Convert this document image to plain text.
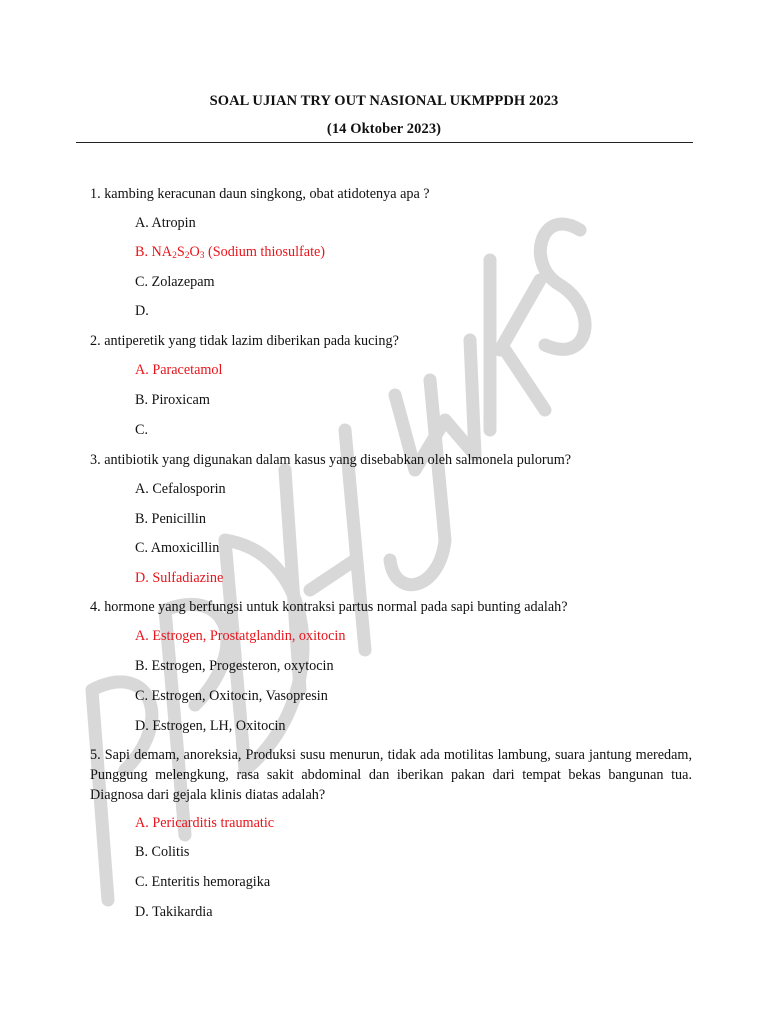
SOAL UJIAN TRY OUT NASIONAL UKMPPDH 2023
(14 Oktober 2023)
1. kambing keracunan daun singkong, obat atidotenya apa ?
A. Atropin
B. $NA_2S_2O_3$ (Sodium thiosulfate)
C. Zolazepam
D.
2. antiperetik yang tidak lazim diberikan pada kucing?
A. Paracetamol
B. Piroxicam
C.
3. antibiotik yang digunakan dalam kasus yang disebabkan oleh salmonela pulorum?
A. Cefalosporin
B. Penicillin
C. Amoxicillin
D. Sulfadiazine
4. hormone yang berfungsi untuk kontraksi partus normal pada sapi bunting adalah?
A. Estrogen, Prostatglandin, oxitocin
B. Estrogen, Progesteron, oxytocin
C. Estrogen, Oxitocin, Vasopresin
D. Estrogen, LH, Oxitocin
5. Sapi demam, anoreksia, Produksi susu menurun, tidak ada motilitas lambung, suara jantung meredam, Punggung melengkung, rasa sakit abdominal dan iberikan pakan dari tempat bekas bangunan tua. Diagnosa dari gejala klinis diatas adalah?
A. Pericarditis traumatic
B. Colitis
C. Enteritis hemoragika
D. Takikardia
